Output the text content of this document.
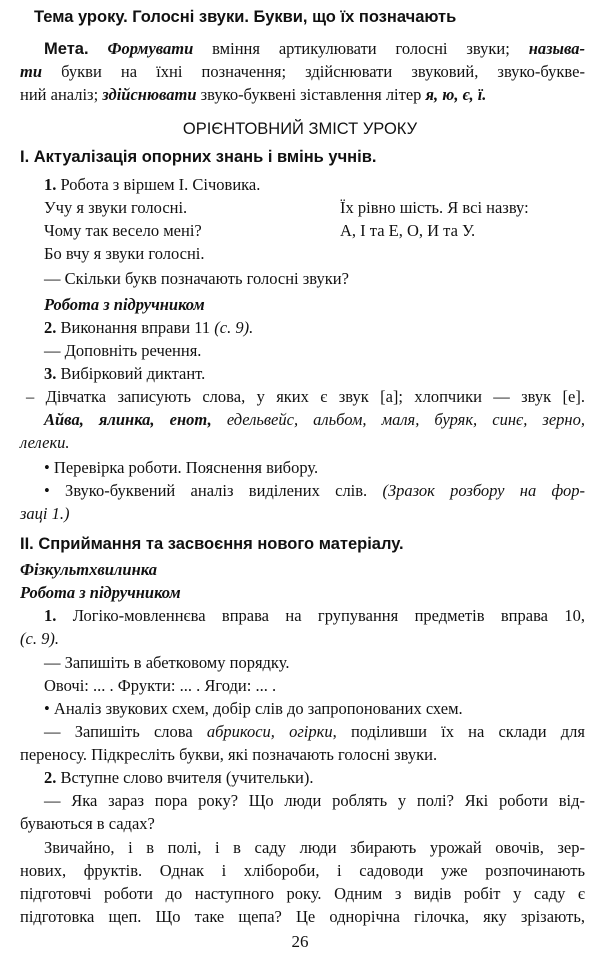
Тема уроку. Голосні звуки. Букви, що їх позначають
Мета. Формувати вміння артикулювати голосні звуки; называ-
ти букви на їхні позначення; здійснювати звуковий, звуко-буквe-
ний аналіз; здійснювати звуко-буквені зіставлення літер я, ю, є, ї.
ОРІЄНТОВНИЙ ЗМІСТ УРОКУ
I. Актуалізація опорних знань і вмінь учнів.
1. Робота з віршем І. Січовика.
Учу я звуки голосні.	Їх рівно шість. Я всі назву:
Чому так весело мені?	А, І та Е, О, И та У.
Бо вчу я звуки голосні.
— Скільки букв позначають голосні звуки?
Робота з підручником
2. Виконання вправи 11 (с. 9).
— Доповніть речення.
3. Вибірковий диктант.
– Дівчатка записують слова, у яких є звук [а]; хлопчики — звук [е].
Айва, ялинка, енот, едельвейс, альбом, маля, буряк, синє, зерно,
лелеки.
• Перевірка роботи. Пояснення вибору.
• Звуко-буквений аналіз виділених слів. (Зразок розбору на фор-
заці 1.)
II. Сприймання та засвоєння нового матеріалу.
Фізкультхвилинка
Робота з підручником
1. Логіко-мовленнєва вправа на групування предметів вправа 10,
(с. 9).
— Запишіть в абетковому порядку.
Овочі: ... . Фрукти: ... . Ягоди: ... .
• Аналіз звукових схем, добір слів до запропонованих схем.
— Запишіть слова абрикоси, огірки, поділивши їх на склади для
переносу. Підкресліть букви, які позначають голосні звуки.
2. Вступне слово вчителя (учительки).
— Яка зараз пора року? Що люди роблять у полі? Які роботи від-
буваються в садах?
Звичайно, і в полі, і в саду люди збирають урожай овочів, зер-
нових, фруктів. Однак і хлібороби, і садоводи уже розпочинають
підготовчі роботи до наступного року. Одним з видів робіт у саду є
підготовка щеп. Що таке щепа? Це однорічна гілочка, яку зрізають,
26
